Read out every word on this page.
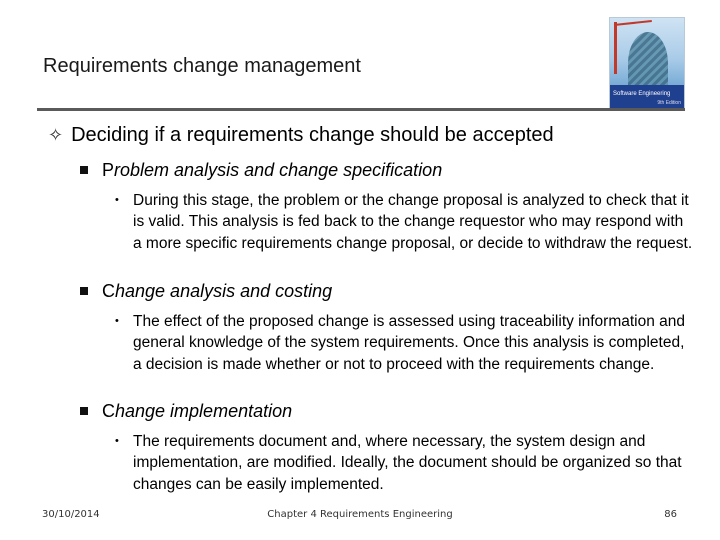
Requirements change management
Software Engineering
9th Edition
✧ Deciding if a requirements change should be accepted
Problem analysis and change specification
• During this stage, the problem or the change proposal is analyzed to check that it is valid. This analysis is fed back to the change requestor who may respond with a more specific requirements change proposal, or decide to withdraw the request.
Change analysis and costing
• The effect of the proposed change is assessed using traceability information and general knowledge of the system requirements. Once this analysis is completed, a decision is made whether or not to proceed with the requirements change.
Change implementation
• The requirements document and, where necessary, the system design and implementation, are modified. Ideally, the document should be organized so that changes can be easily implemented.
30/10/2014	Chapter 4 Requirements Engineering	86
